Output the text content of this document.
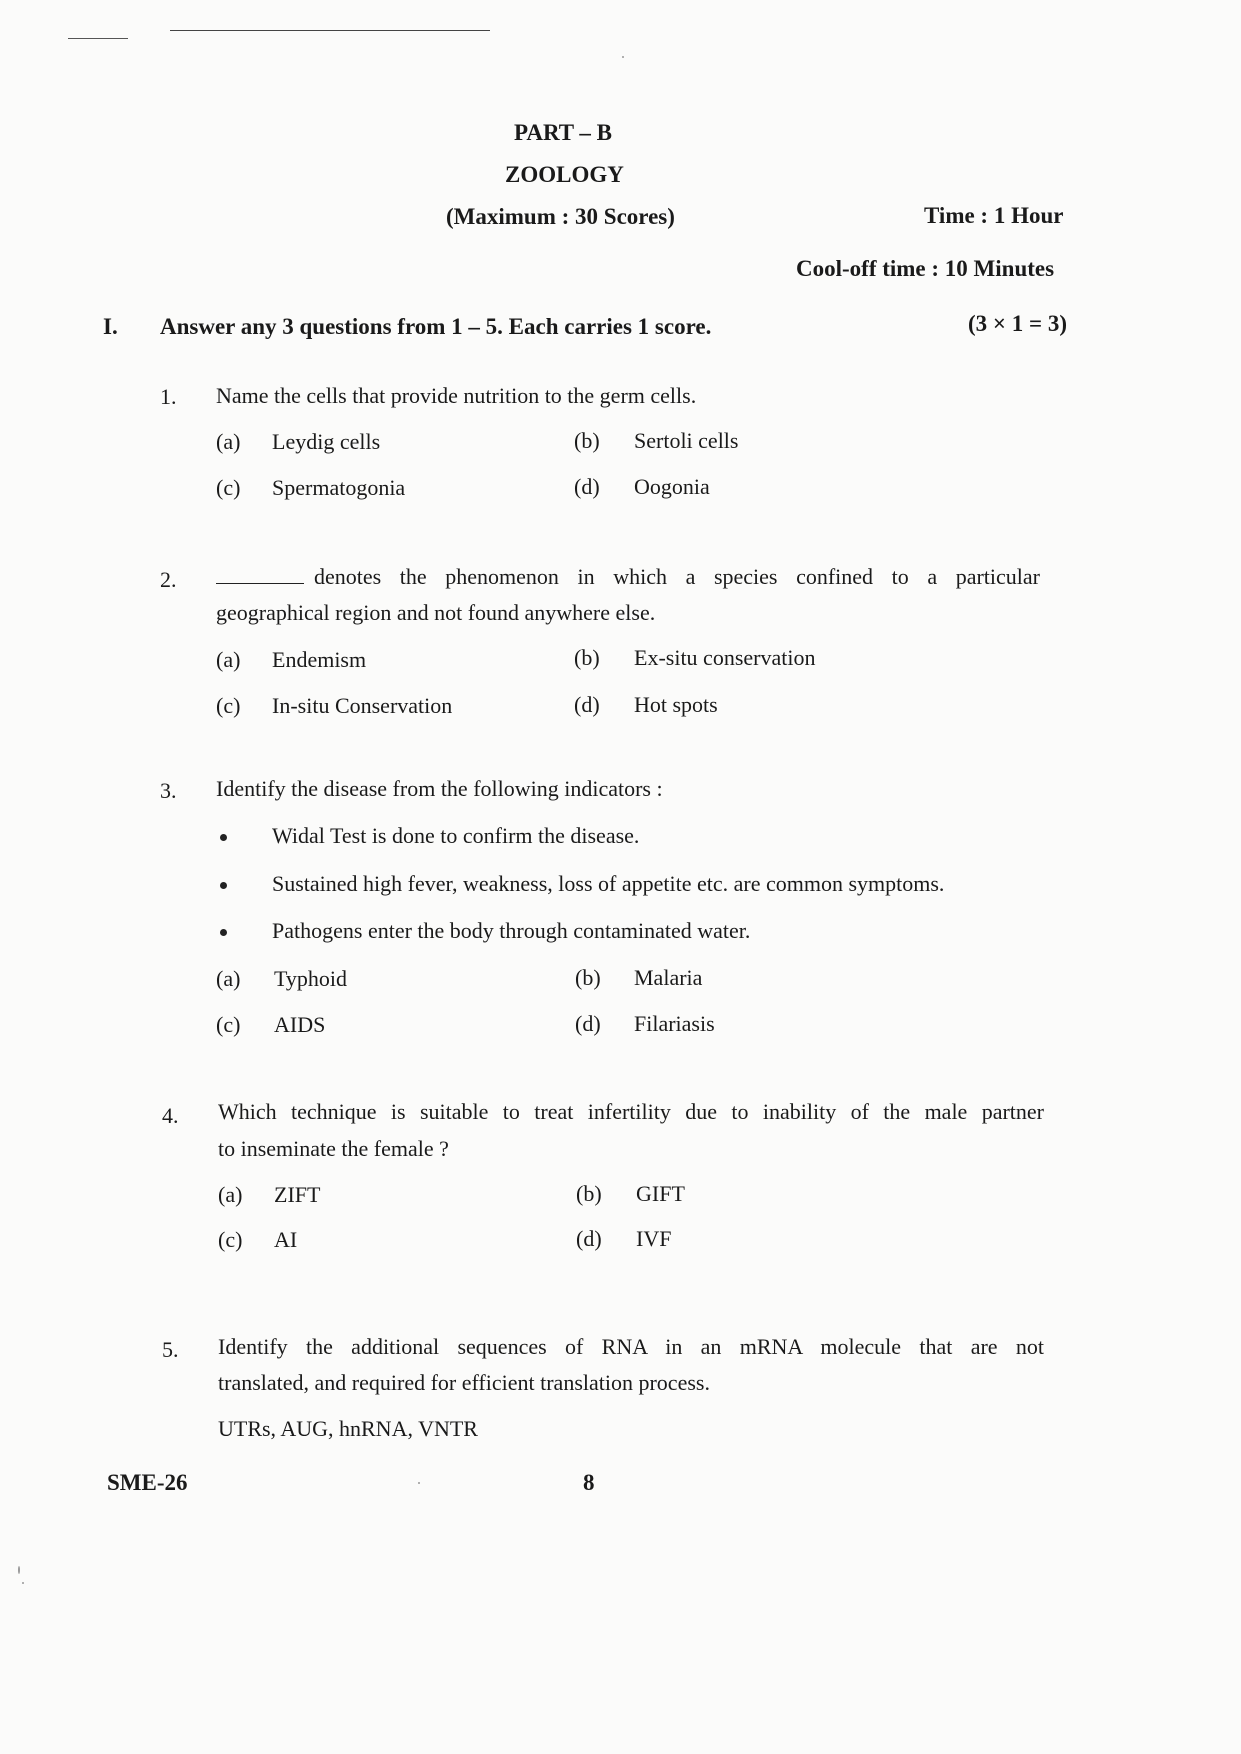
PART – B
ZOOLOGY
(Maximum : 30 Scores)	Time : 1 Hour
Cool-off time : 10 Minutes
I. Answer any 3 questions from 1 – 5. Each carries 1 score.	(3 × 1 = 3)
1. Name the cells that provide nutrition to the germ cells.
(a) Leydig cells	(b) Sertoli cells
(c) Spermatogonia	(d) Oogonia
2.	denotes the phenomenon in which a species confined to a particular
geographical region and not found anywhere else.
(a) Endemism	(b) Ex-situ conservation
(c) In-situ Conservation	(d) Hot spots
3. Identify the disease from the following indicators :
Widal Test is done to confirm the disease.
Sustained high fever, weakness, loss of appetite etc. are common symptoms.
Pathogens enter the body through contaminated water.
(a) Typhoid	(b) Malaria
(c) AIDS	(d) Filariasis
4. Which technique is suitable to treat infertility due to inability of the male partner
to inseminate the female ?
(a) ZIFT	(b) GIFT
(c) AI	(d) IVF
5. Identify the additional sequences of RNA in an mRNA molecule that are not
translated, and required for efficient translation process.
UTRs, AUG, hnRNA, VNTR
SME-26	8
